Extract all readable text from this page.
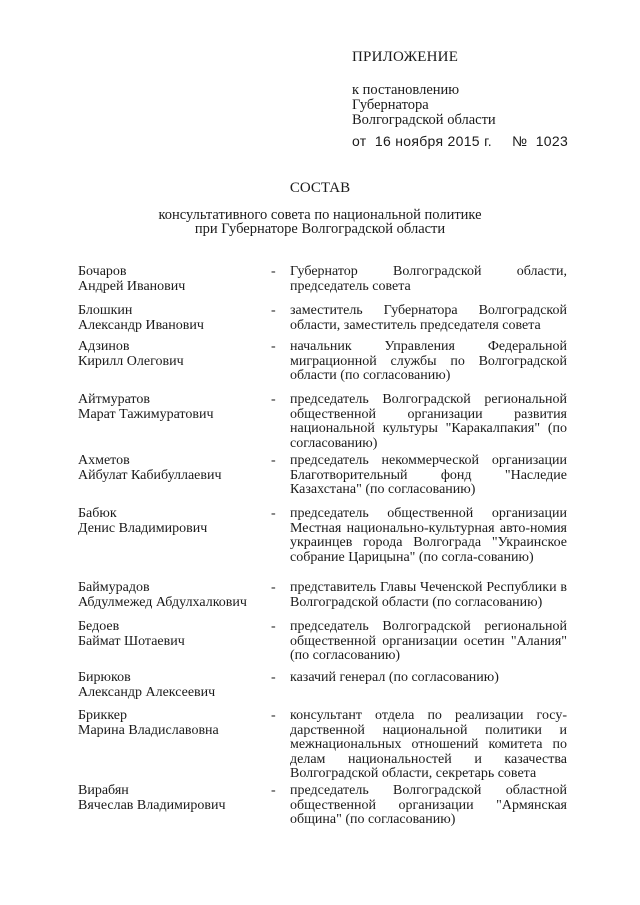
ПРИЛОЖЕНИЕ
к постановлению
Губернатора
Волгоградской области
от  16 ноября 2015 г. №  1023
СОСТАВ
консультативного совета по национальной политике
при Губернаторе Волгоградской области
Бочаров
Андрей Иванович
- Губернатор Волгоградской области, председатель совета
Блошкин
Александр Иванович
- заместитель Губернатора Волгоградской области, заместитель председателя совета
Адзинов
Кирилл Олегович
- начальник Управления Федеральной миграционной службы по Волгоградской области (по согласованию)
Айтмуратов
Марат Тажимуратович
- председатель Волгоградской региональной общественной организации развития национальной культуры "Каракалпакия" (по согласованию)
Ахметов
Айбулат Кабибуллаевич
- председатель некоммерческой организации Благотворительный фонд "Наследие Казахстана" (по согласованию)
Бабюк
Денис Владимирович
- председатель общественной организации Местная национально-культурная авто-номия украинцев города Волгограда "Украинское собрание Царицына" (по согла-сованию)
Баймурадов
Абдулмежед Абдулхалкович
- представитель Главы Чеченской Республики в Волгоградской области (по согласованию)
Бедоев
Баймат Шотаевич
- председатель Волгоградской региональной общественной организации осетин "Алания" (по согласованию)
Бирюков
Александр Алексеевич
- казачий генерал (по согласованию)
Бриккер
Марина Владиславовна
- консультант отдела по реализации госу-дарственной национальной политики и межнациональных отношений комитета по делам национальностей и казачества Волгоградской области, секретарь совета
Вирабян
Вячеслав Владимирович
- председатель Волгоградской областной общественной организации "Армянская община" (по согласованию)
